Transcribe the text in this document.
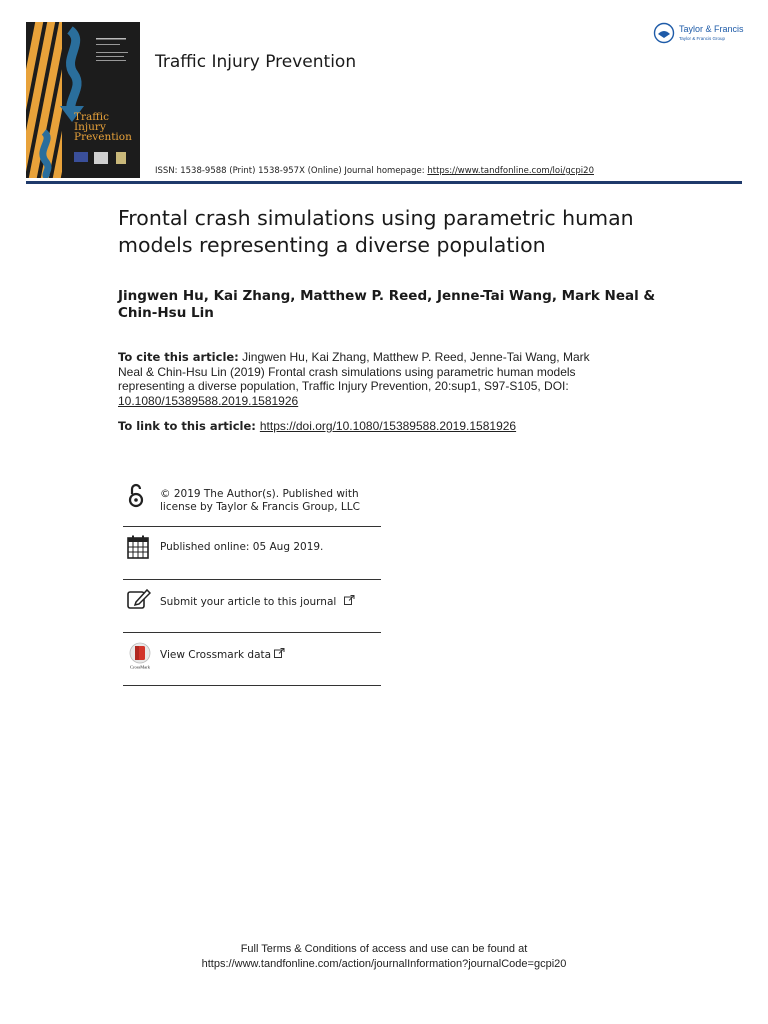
Traffic
Injury
Prevention
Traffic Injury Prevention
Taylor & Francis
Taylor & Francis Group
ISSN: 1538-9588 (Print) 1538-957X (Online) Journal homepage: https://www.tandfonline.com/loi/gcpi20
Frontal crash simulations using parametric human models representing a diverse population
Jingwen Hu, Kai Zhang, Matthew P. Reed, Jenne-Tai Wang, Mark Neal & Chin-Hsu Lin
To cite this article: Jingwen Hu, Kai Zhang, Matthew P. Reed, Jenne-Tai Wang, Mark Neal & Chin-Hsu Lin (2019) Frontal crash simulations using parametric human models representing a diverse population, Traffic Injury Prevention, 20:sup1, S97-S105, DOI: 10.1080/15389588.2019.1581926
To link to this article: https://doi.org/10.1080/15389588.2019.1581926
© 2019 The Author(s). Published with license by Taylor & Francis Group, LLC
Published online: 05 Aug 2019.
Submit your article to this journal
CrossMark
View Crossmark data
Full Terms & Conditions of access and use can be found at
https://www.tandfonline.com/action/journalInformation?journalCode=gcpi20
